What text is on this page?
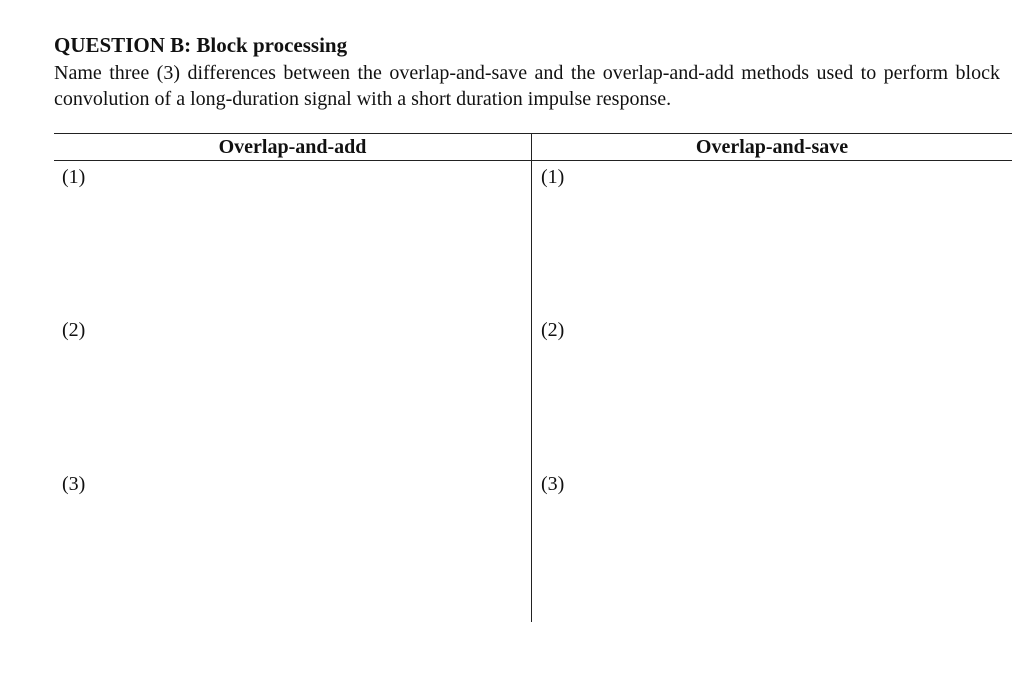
QUESTION B: Block processing
Name three (3) differences between the overlap-and-save and the overlap-and-add methods used to perform block convolution of a long-duration signal with a short duration impulse response.
Overlap-and-add	Overlap-and-save
(1)
(2)
(3)
(1)
(2)
(3)
